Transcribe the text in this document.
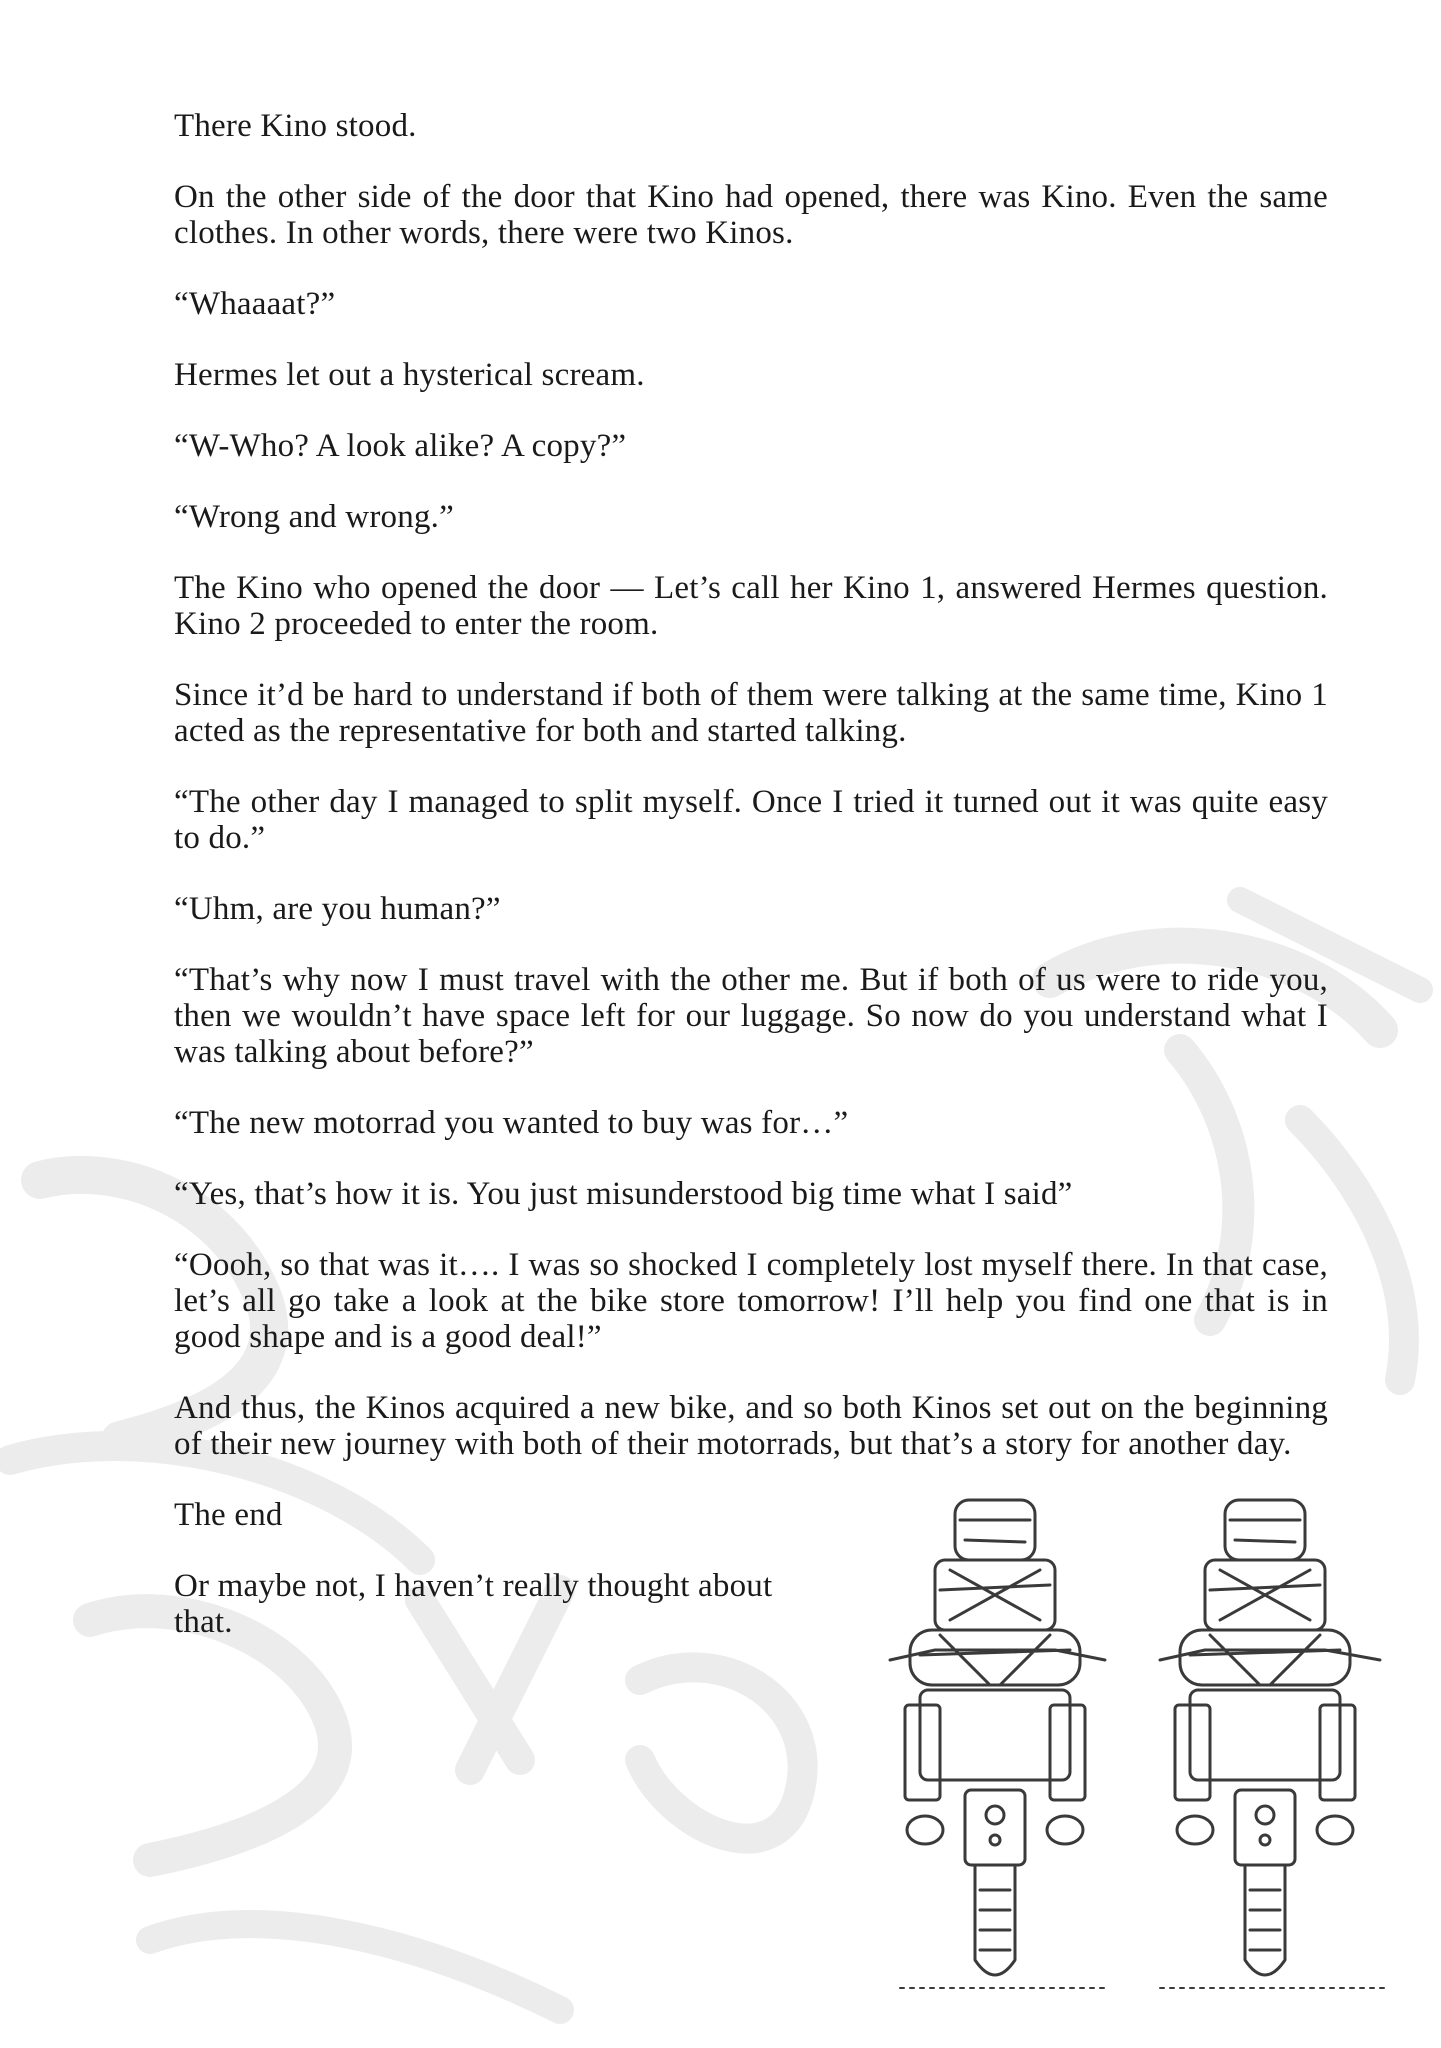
There Kino stood.

On the other side of the door that Kino had opened, there was Kino. Even the same clothes. In other words, there were two Kinos.

“Whaaaat?”

Hermes let out a hysterical scream.

“W-Who? A look alike? A copy?”

“Wrong and wrong.”

The Kino who opened the door — Let’s call her Kino 1, answered Hermes question. Kino 2 proceeded to enter the room.

Since it’d be hard to understand if both of them were talking at the same time, Kino 1 acted as the representative for both and started talking.

“The other day I managed to split myself. Once I tried it turned out it was quite easy to do.”

“Uhm, are you human?”

“That’s why now I must travel with the other me. But if both of us were to ride you, then we wouldn’t have space left for our luggage. So now do you understand what I was talking about before?”

“The new motorrad you wanted to buy was for…”

“Yes, that’s how it is. You just misunderstood big time what I said”

“Oooh, so that was it…. I was so shocked I completely lost myself there. In that case, let’s all go take a look at the bike store tomorrow! I’ll help you find one that is in good shape and is a good deal!”

And thus, the Kinos acquired a new bike, and so both Kinos set out on the beginning of their new journey with both of their motorrads, but that’s a story for another day.

The end

Or maybe not, I haven’t really thought about that.
